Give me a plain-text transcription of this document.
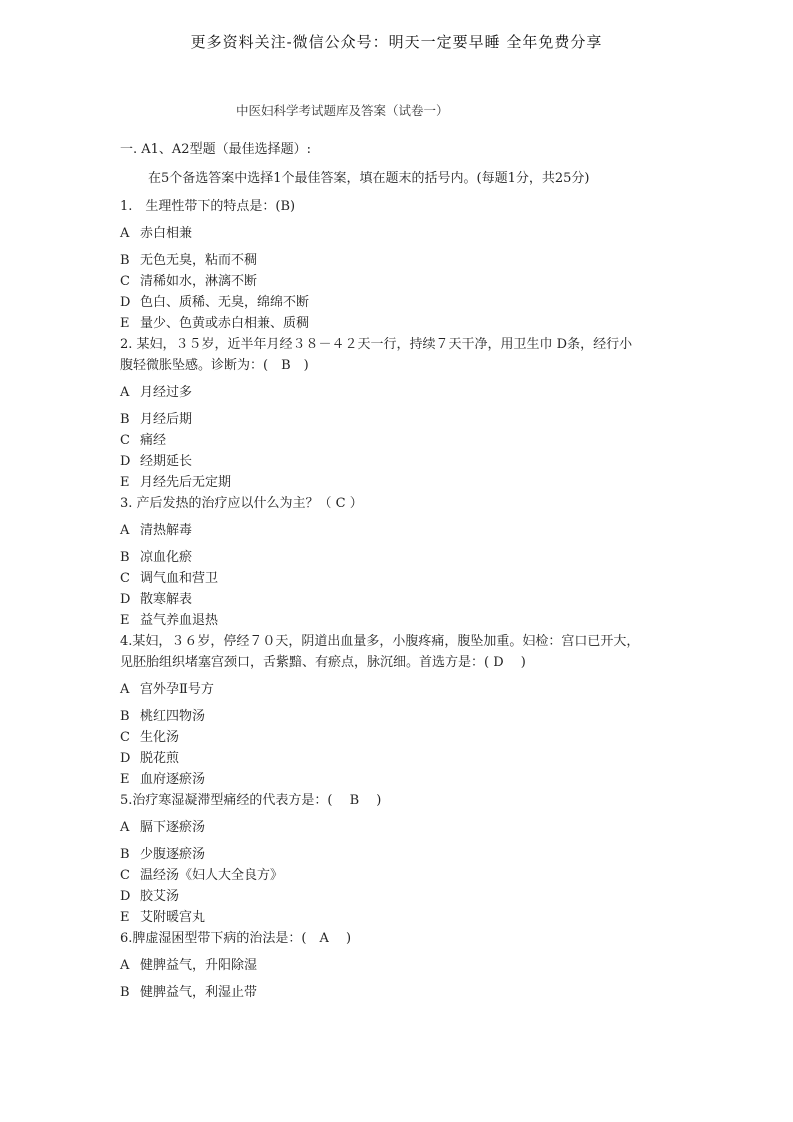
更多资料关注-微信公众号：明天一定要早睡 全年免费分享
中医妇科学考试题库及答案（试卷一）
一. A1、A2型题（最佳选择题）:
在5个备选答案中选择1个最佳答案，填在题末的括号内。(每题1分，共25分)
1.　生理性带下的特点是：(B)
A 赤白相兼
B 无色无臭，粘而不稠
C 清稀如水，淋漓不断
D 色白、质稀、无臭，绵绵不断
E 量少、色黄或赤白相兼、质稠
2. 某妇，３５岁，近半年月经３８－４２天一行，持续７天干净，用卫生巾 D条，经行小
腹轻微胀坠感。诊断为：(　B　)
A 月经过多
B 月经后期
C 痛经
D 经期延长
E 月经先后无定期
3. 产后发热的治疗应以什么为主？（ C ）
A 清热解毒
B 凉血化瘀
C 调气血和营卫
D 散寒解表
E 益气养血退热
4.某妇，３６岁，停经７０天，阴道出血量多，小腹疼痛，腹坠加重。妇检：宫口已开大，
见胚胎组织堵塞宫颈口，舌紫黯、有瘀点，脉沉细。首选方是：( D　 )
A 宫外孕Ⅱ号方
B 桃红四物汤
C 生化汤
D 脱花煎
E 血府逐瘀汤
5.治疗寒湿凝滞型痛经的代表方是：(　 B　 )
A 膈下逐瘀汤
B 少腹逐瘀汤
C 温经汤《妇人大全良方》
D 胶艾汤
E 艾附暖宫丸
6.脾虚湿困型带下病的治法是：(　A　 )
A 健脾益气，升阳除湿
B 健脾益气，利湿止带
